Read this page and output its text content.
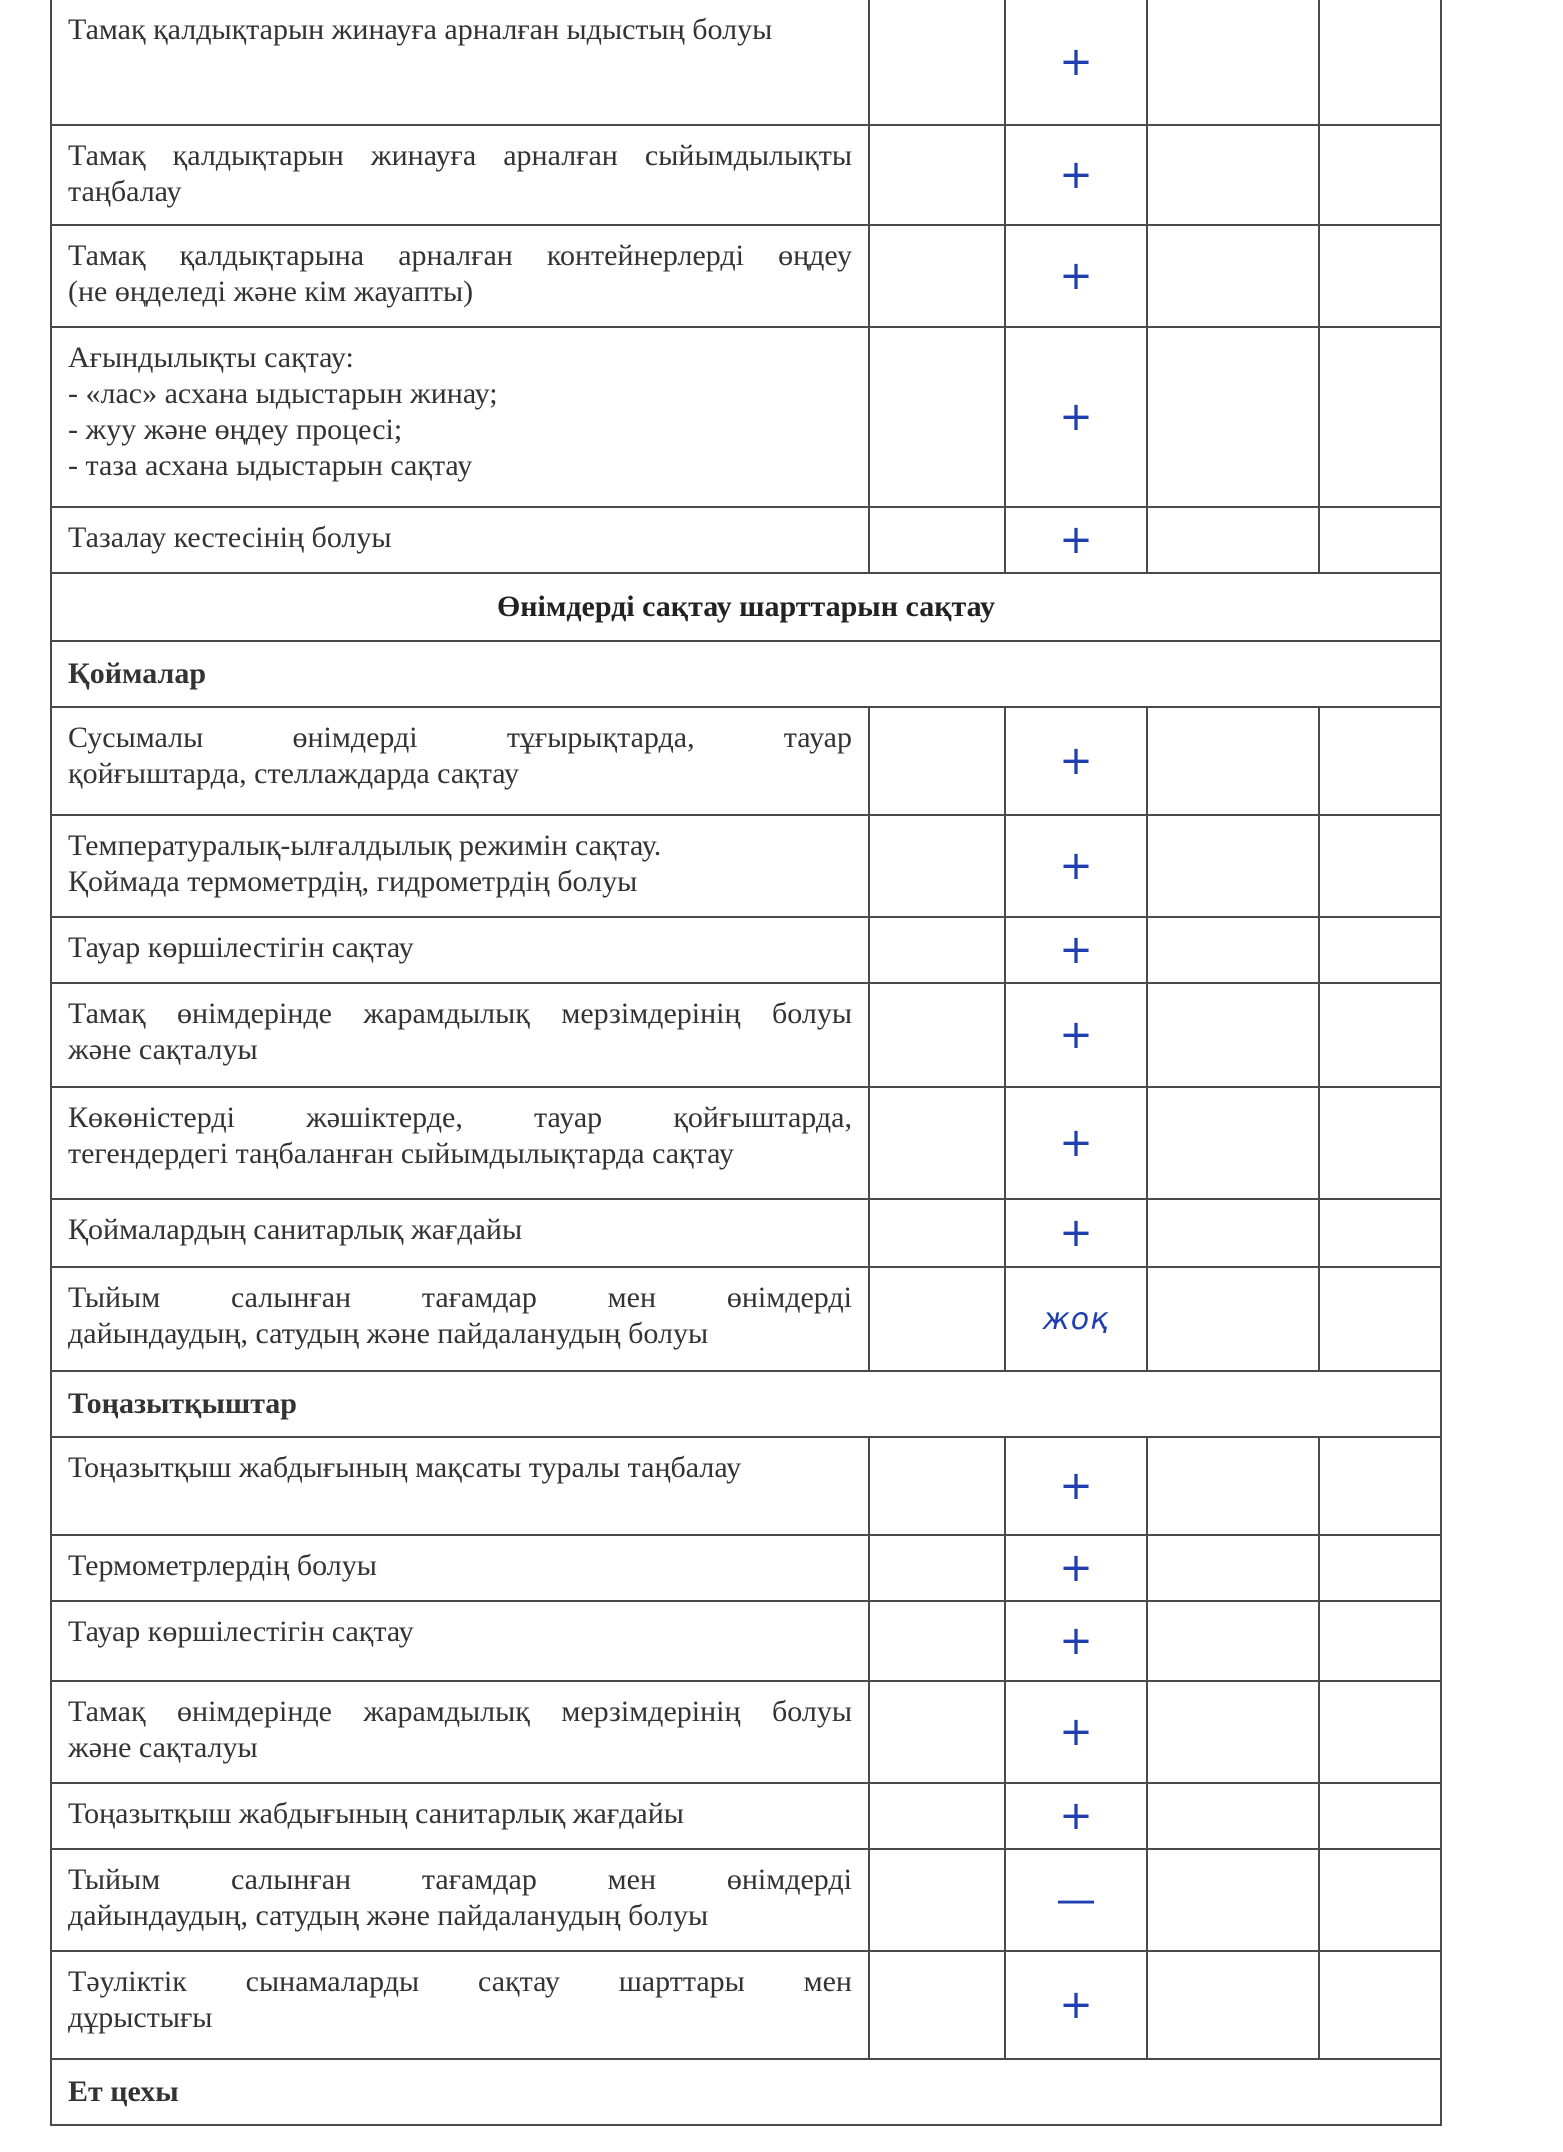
Тамақ қалдықтарын жинауға арналған ыдыстың болуы		+		

Тамақ қалдықтарын жинауға арналған сыйымдылықты
таңбалау		+		

Тамақ қалдықтарына арналған контейнерлерді өңдеу
(не өңделеді және кім жауапты)		+		

Ағындылықты сақтау:
- «лас» асхана ыдыстарын жинау;
- жуу және өңдеу процесі;
- таза асхана ыдыстарын сақтау		+		

Тазалау кестесінің болуы		+		
Өнімдерді сақтау шарттарын сақтау				
Қоймалар				

Сусымалы өнімдерді тұғырықтарда, тауар
қойғыштарда, стеллаждарда сақтау		+		

Температуралық-ылғалдылық режимін сақтау.
Қоймада термометрдің, гидрометрдің болуы		+		

Тауар көршілестігін сақтау		+		

Тамақ өнімдерінде жарамдылық мерзімдерінің болуы
және сақталуы		+		

Көкөністерді жәшіктерде, тауар қойғыштарда,
тегендердегі таңбаланған сыйымдылықтарда сақтау		+		

Қоймалардың санитарлық жағдайы		+		

Тыйым салынған тағамдар мен өнімдерді
дайындаудың, сатудың және пайдаланудың болуы		жоқ		
Тоңазытқыштар				

Тоңазытқыш жабдығының мақсаты туралы таңбалау		+		

Термометрлердің болуы		+		

Тауар көршілестігін сақтау		+		

Тамақ өнімдерінде жарамдылық мерзімдерінің болуы
және сақталуы		+		

Тоңазытқыш жабдығының санитарлық жағдайы		+		

Тыйым салынған тағамдар мен өнімдерді
дайындаудың, сатудың және пайдаланудың болуы		—		

Тәуліктік сынамаларды сақтау шарттары мен
дұрыстығы		+		
Ет цехы				
